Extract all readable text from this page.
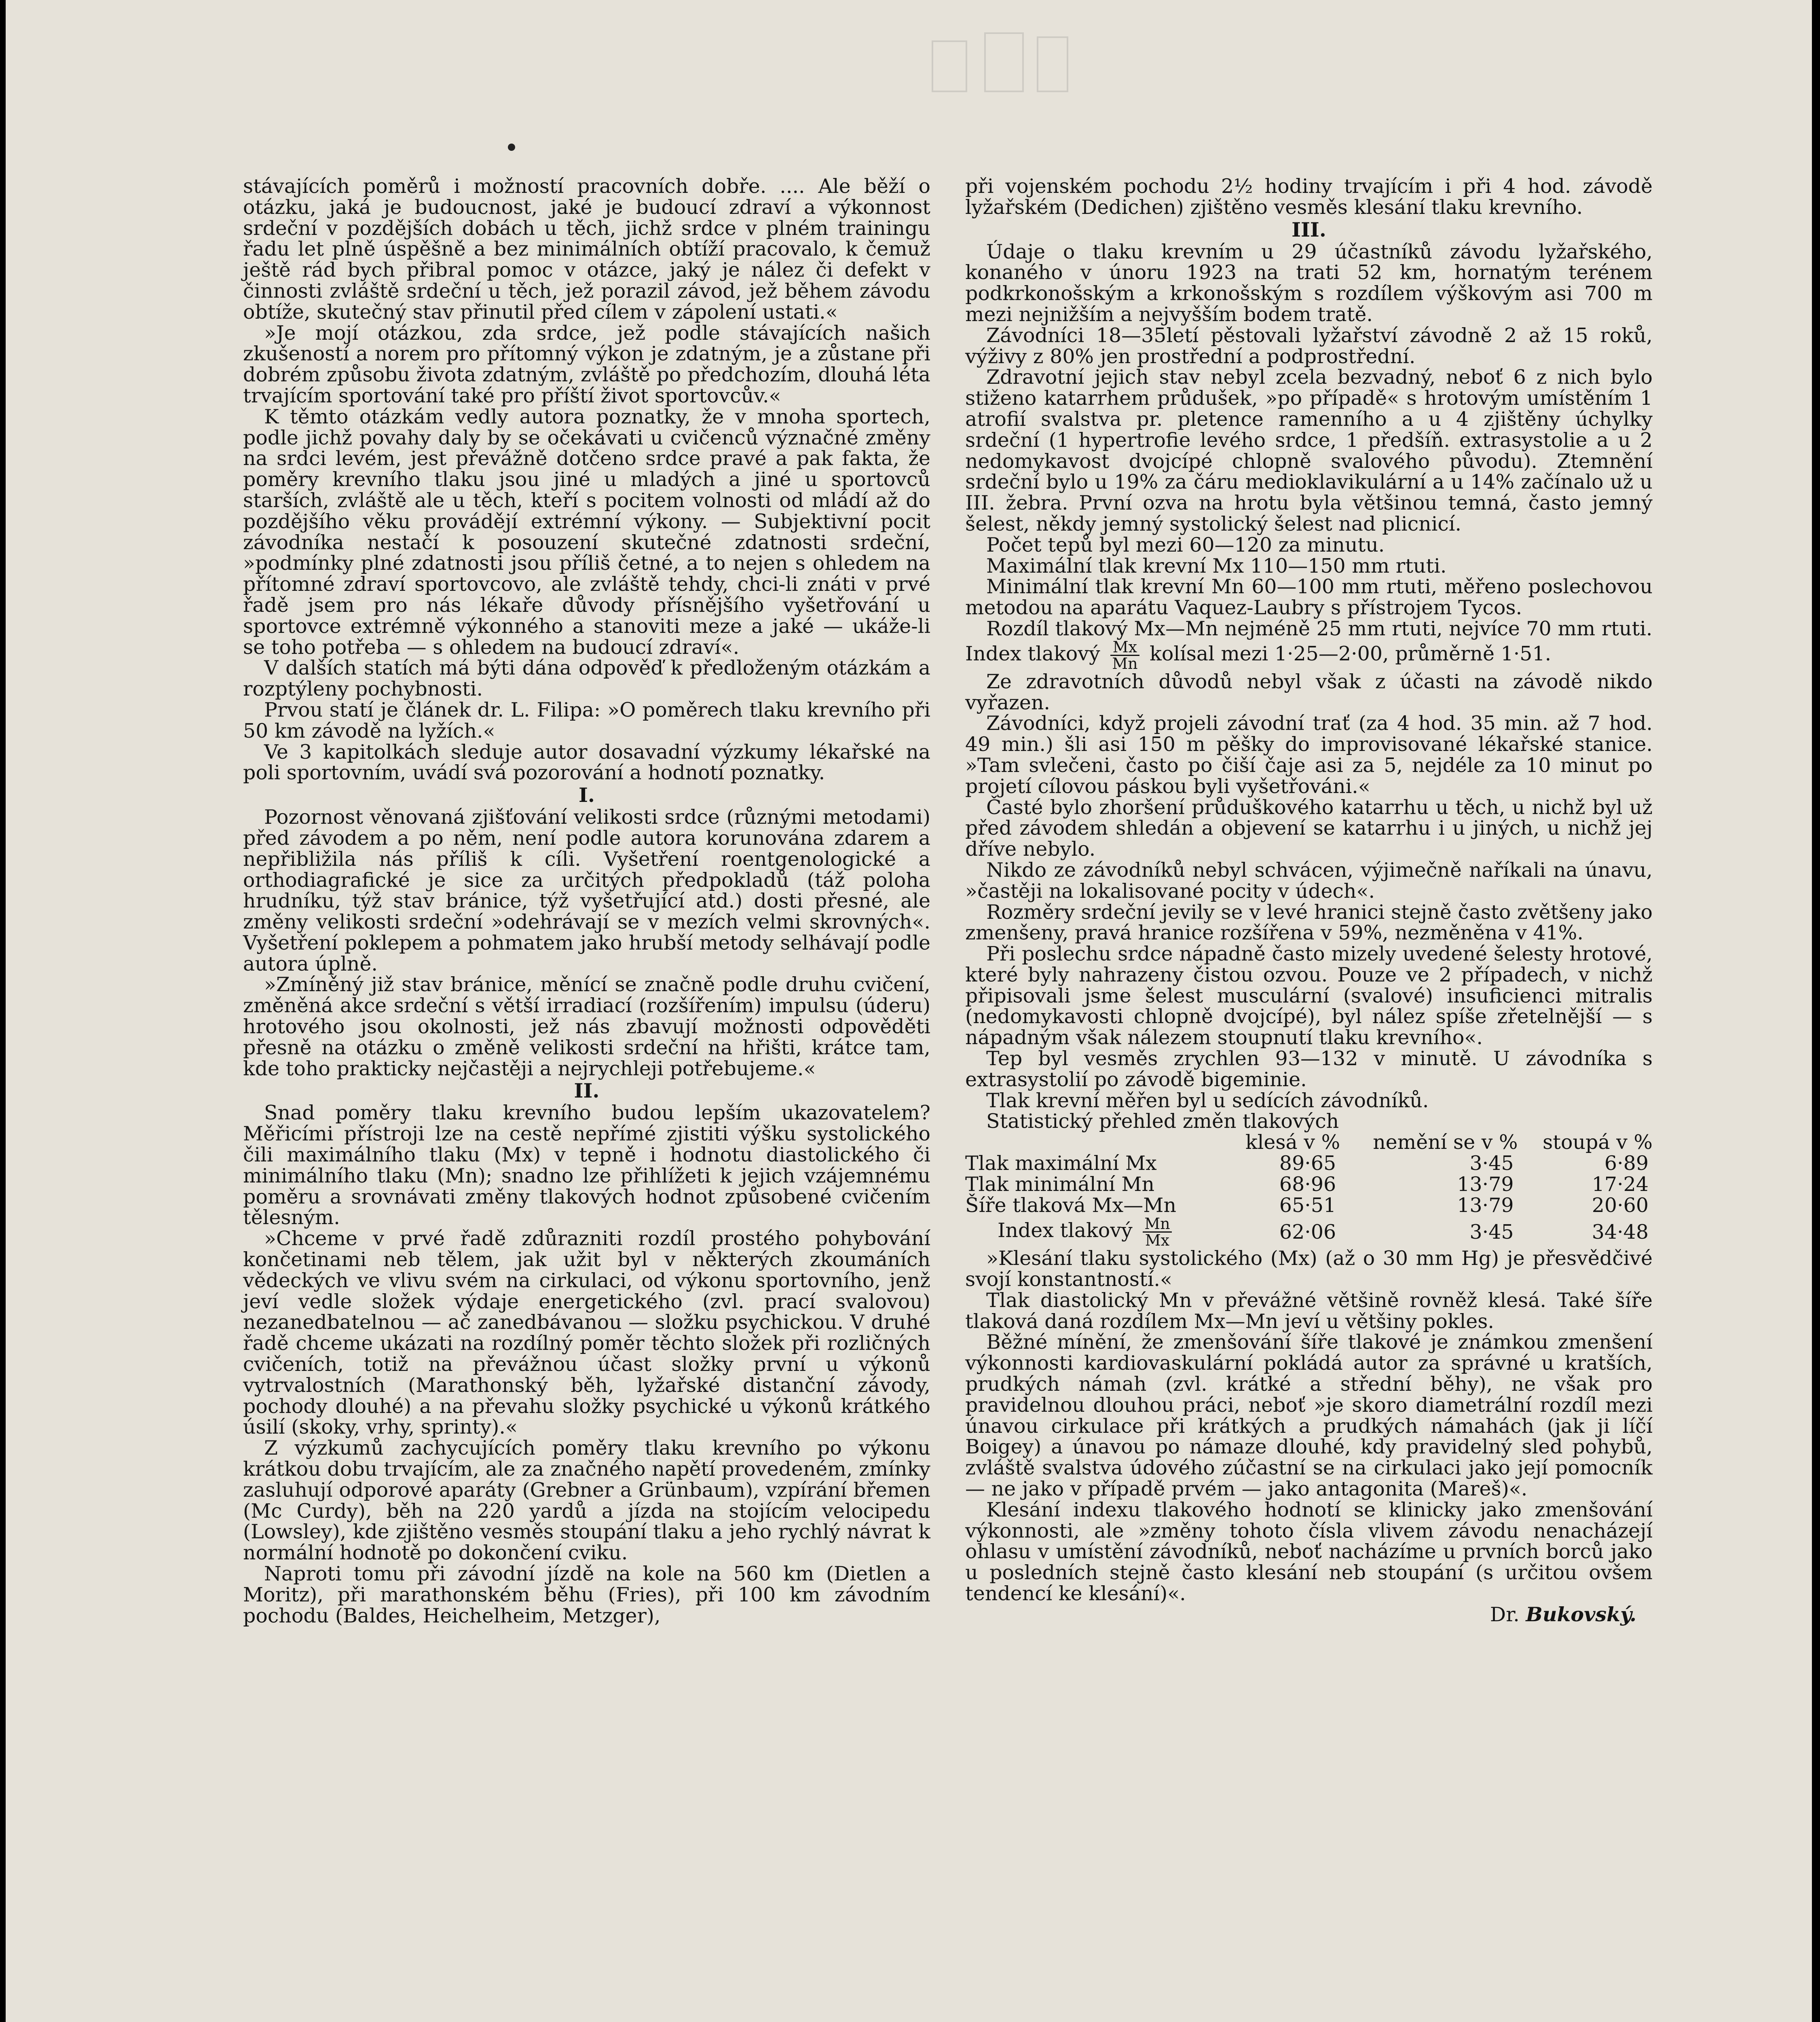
stávajících poměrů i možností pracovních dobře. .... Ale běží o otázku, jaká je budoucnost, jaké je budoucí zdraví a výkonnost srdeční v pozdějších dobách u těch, jichž srdce v plném trainingu řadu let plně úspěšně a bez minimálních obtíží pracovalo, k čemuž ještě rád bych přibral pomoc v otázce, jaký je nález či defekt v činnosti zvláště srdeční u těch, jež porazil závod, jež během závodu obtíže, skutečný stav přinutil před cílem v zápolení ustati.«

»Je mojí otázkou, zda srdce, jež podle stávajících našich zkušeností a norem pro přítomný výkon je zdatným, je a zůstane při dobrém způsobu života zdatným, zvláště po předchozím, dlouhá léta trvajícím sportování také pro příští život sportovcův.«

K těmto otázkám vedly autora poznatky, že v mnoha sportech, podle jichž povahy daly by se očekávati u cvičenců význačné změny na srdci levém, jest převážně dotčeno srdce pravé a pak fakta, že poměry krevního tlaku jsou jiné u mladých a jiné u sportovců starších, zvláště ale u těch, kteří s pocitem volnosti od mládí až do pozdějšího věku provádějí extrémní výkony. — Subjektivní pocit závodníka nestačí k posouzení skutečné zdatnosti srdeční, »podmínky plné zdatnosti jsou příliš četné, a to nejen s ohledem na přítomné zdraví sportovcovo, ale zvláště tehdy, chci-li znáti v prvé řadě jsem pro nás lékaře důvody přísnějšího vyšetřování u sportovce extrémně výkonného a stanoviti meze a jaké — ukáže-li se toho potřeba — s ohledem na budoucí zdraví«.

V dalších statích má býti dána odpověď k předloženým otázkám a rozptýleny pochybnosti.

Prvou statí je článek dr. L. Filipa: »O poměrech tlaku krevního při 50 km závodě na lyžích.«

Ve 3 kapitolkách sleduje autor dosavadní výzkumy lékařské na poli sportovním, uvádí svá pozorování a hodnotí poznatky.

I.

Pozornost věnovaná zjišťování velikosti srdce (různými metodami) před závodem a po něm, není podle autora korunována zdarem a nepřibližila nás příliš k cíli. Vyšetření roentgenologické a orthodiagrafické je sice za určitých předpokladů (táž poloha hrudníku, týž stav bránice, týž vyšetřující atd.) dosti přesné, ale změny velikosti srdeční »odehrávají se v mezích velmi skrovných«. Vyšetření poklepem a pohmatem jako hrubší metody selhávají podle autora úplně.

»Zmíněný již stav bránice, měnící se značně podle druhu cvičení, změněná akce srdeční s větší irradiací (rozšířením) impulsu (úderu) hrotového jsou okolnosti, jež nás zbavují možnosti odpověděti přesně na otázku o změně velikosti srdeční na hřišti, krátce tam, kde toho prakticky nejčastěji a nejrychleji potřebujeme.«

II.

Snad poměry tlaku krevního budou lepším ukazovatelem? Měřicími přístroji lze na cestě nepřímé zjistiti výšku systolického čili maximálního tlaku (Mx) v tepně i hodnotu diastolického či minimálního tlaku (Mn); snadno lze přihlížeti k jejich vzájemnému poměru a srovnávati změny tlakových hodnot způsobené cvičením tělesným.

»Chceme v prvé řadě zdůrazniti rozdíl prostého pohybování končetinami neb tělem, jak užit byl v některých zkoumáních vědeckých ve vlivu svém na cirkulaci, od výkonu sportovního, jenž jeví vedle složek výdaje energetického (zvl. prací svalovou) nezanedbatelnou — ač zanedbávanou — složku psychickou. V druhé řadě chceme ukázati na rozdílný poměr těchto složek při rozličných cvičeních, totiž na převážnou účast složky první u výkonů vytrvalostních (Marathonský běh, lyžařské distanční závody, pochody dlouhé) a na převahu složky psychické u výkonů krátkého úsilí (skoky, vrhy, sprinty).«

Z výzkumů zachycujících poměry tlaku krevního po výkonu krátkou dobu trvajícím, ale za značného napětí provedeném, zmínky zasluhují odporové aparáty (Grebner a Grünbaum), vzpírání břemen (Mc Curdy), běh na 220 yardů a jízda na stojícím velocipedu (Lowsley), kde zjištěno vesměs stoupání tlaku a jeho rychlý návrat k normální hodnotě po dokončení cviku.

Naproti tomu při závodní jízdě na kole na 560 km (Dietlen a Moritz), při marathonském běhu (Fries), při 100 km závodním pochodu (Baldes, Heichelheim, Metzger),

při vojenském pochodu 2½ hodiny trvajícím i při 4 hod. závodě lyžařském (Dedichen) zjištěno vesměs klesání tlaku krevního.

III.

Údaje o tlaku krevním u 29 účastníků závodu lyžařského, konaného v únoru 1923 na trati 52 km, hornatým terénem podkrkonošským a krkonošským s rozdílem výškovým asi 700 m mezi nejnižším a nejvyšším bodem tratě.

Závodníci 18—35letí pěstovali lyžařství závodně 2 až 15 roků, výživy z 80% jen prostřední a podprostřední.

Zdravotní jejich stav nebyl zcela bezvadný, neboť 6 z nich bylo stiženo katarrhem průdušek, »po případě« s hrotovým umístěním 1 atrofií svalstva pr. pletence ramenního a u 4 zjištěny úchylky srdeční (1 hypertrofie levého srdce, 1 předšíň. extrasystolie a u 2 nedomykavost dvojcípé chlopně svalového původu). Ztemnění srdeční bylo u 19% za čáru medioklavikulární a u 14% začínalo už u III. žebra. První ozva na hrotu byla většinou temná, často jemný šelest, někdy jemný systolický šelest nad plicnicí.

Počet tepů byl mezi 60—120 za minutu.

Maximální tlak krevní Mx 110—150 mm rtuti.

Minimální tlak krevní Mn 60—100 mm rtuti, měřeno poslechovou metodou na aparátu Vaquez-Laubry s přístrojem Tycos.

Rozdíl tlakový Mx—Mn nejméně 25 mm rtuti, nejvíce 70 mm rtuti.

Index tlakový $\frac{Mx}{Mn}$ kolísal mezi 1·25—2·00, průměrně 1·51.

Ze zdravotních důvodů nebyl však z účasti na závodě nikdo vyřazen.

Závodníci, když projeli závodní trať (za 4 hod. 35 min. až 7 hod. 49 min.) šli asi 150 m pěšky do improvisované lékařské stanice. »Tam svlečeni, často po čiší čaje asi za 5, nejdéle za 10 minut po projetí cílovou páskou byli vyšetřováni.«

Časté bylo zhoršení průduškového katarrhu u těch, u nichž byl už před závodem shledán a objevení se katarrhu i u jiných, u nichž jej dříve nebylo.

Nikdo ze závodníků nebyl schvácen, výjimečně naříkali na únavu, »častěji na lokalisované pocity v údech«.

Rozměry srdeční jevily se v levé hranici stejně často zvětšeny jako zmenšeny, pravá hranice rozšířena v 59%, nezměněna v 41%.

Při poslechu srdce nápadně často mizely uvedené šelesty hrotové, které byly nahrazeny čistou ozvou. Pouze ve 2 případech, v nichž připisovali jsme šelest musculární (svalové) insuficienci mitralis (nedomykavosti chlopně dvojcípé), byl nález spíše zřetelnější — s nápadným však nálezem stoupnutí tlaku krevního«.

Tep byl vesměs zrychlen 93—132 v minutě. U závodníka s extrasystolií po závodě bigeminie.

Tlak krevní měřen byl u sedících závodníků.

Statistický přehled změn tlakových

	klesá v %	nemění se v %	stoupá v %
Tlak maximální Mx	89·65	3·45	6·89
Tlak minimální Mn	68·96	13·79	17·24
Šíře tlaková Mx—Mn	65·51	13·79	20·60
Index tlakový $\frac{Mn}{Mx}$	62·06	3·45	34·48

»Klesání tlaku systolického (Mx) (až o 30 mm Hg) je přesvědčivé svojí konstantností.«

Tlak diastolický Mn v převážné většině rovněž klesá. Také šíře tlaková daná rozdílem Mx—Mn jeví u většiny pokles.

Běžné mínění, že zmenšování šíře tlakové je známkou zmenšení výkonnosti kardiovaskulární pokládá autor za správné u kratších, prudkých námah (zvl. krátké a střední běhy), ne však pro pravidelnou dlouhou práci, neboť »je skoro diametrální rozdíl mezi únavou cirkulace při krátkých a prudkých námahách (jak ji líčí Boigey) a únavou po námaze dlouhé, kdy pravidelný sled pohybů, zvláště svalstva údového zúčastní se na cirkulaci jako její pomocník — ne jako v případě prvém — jako antagonita (Mareš)«.

Klesání indexu tlakového hodnotí se klinicky jako zmenšování výkonnosti, ale »změny tohoto čísla vlivem závodu nenacházejí ohlasu v umístění závodníků, neboť nacházíme u prvních borců jako u posledních stejně často klesání neb stoupání (s určitou ovšem tendencí ke klesání)«.

Dr. Bukovský.
